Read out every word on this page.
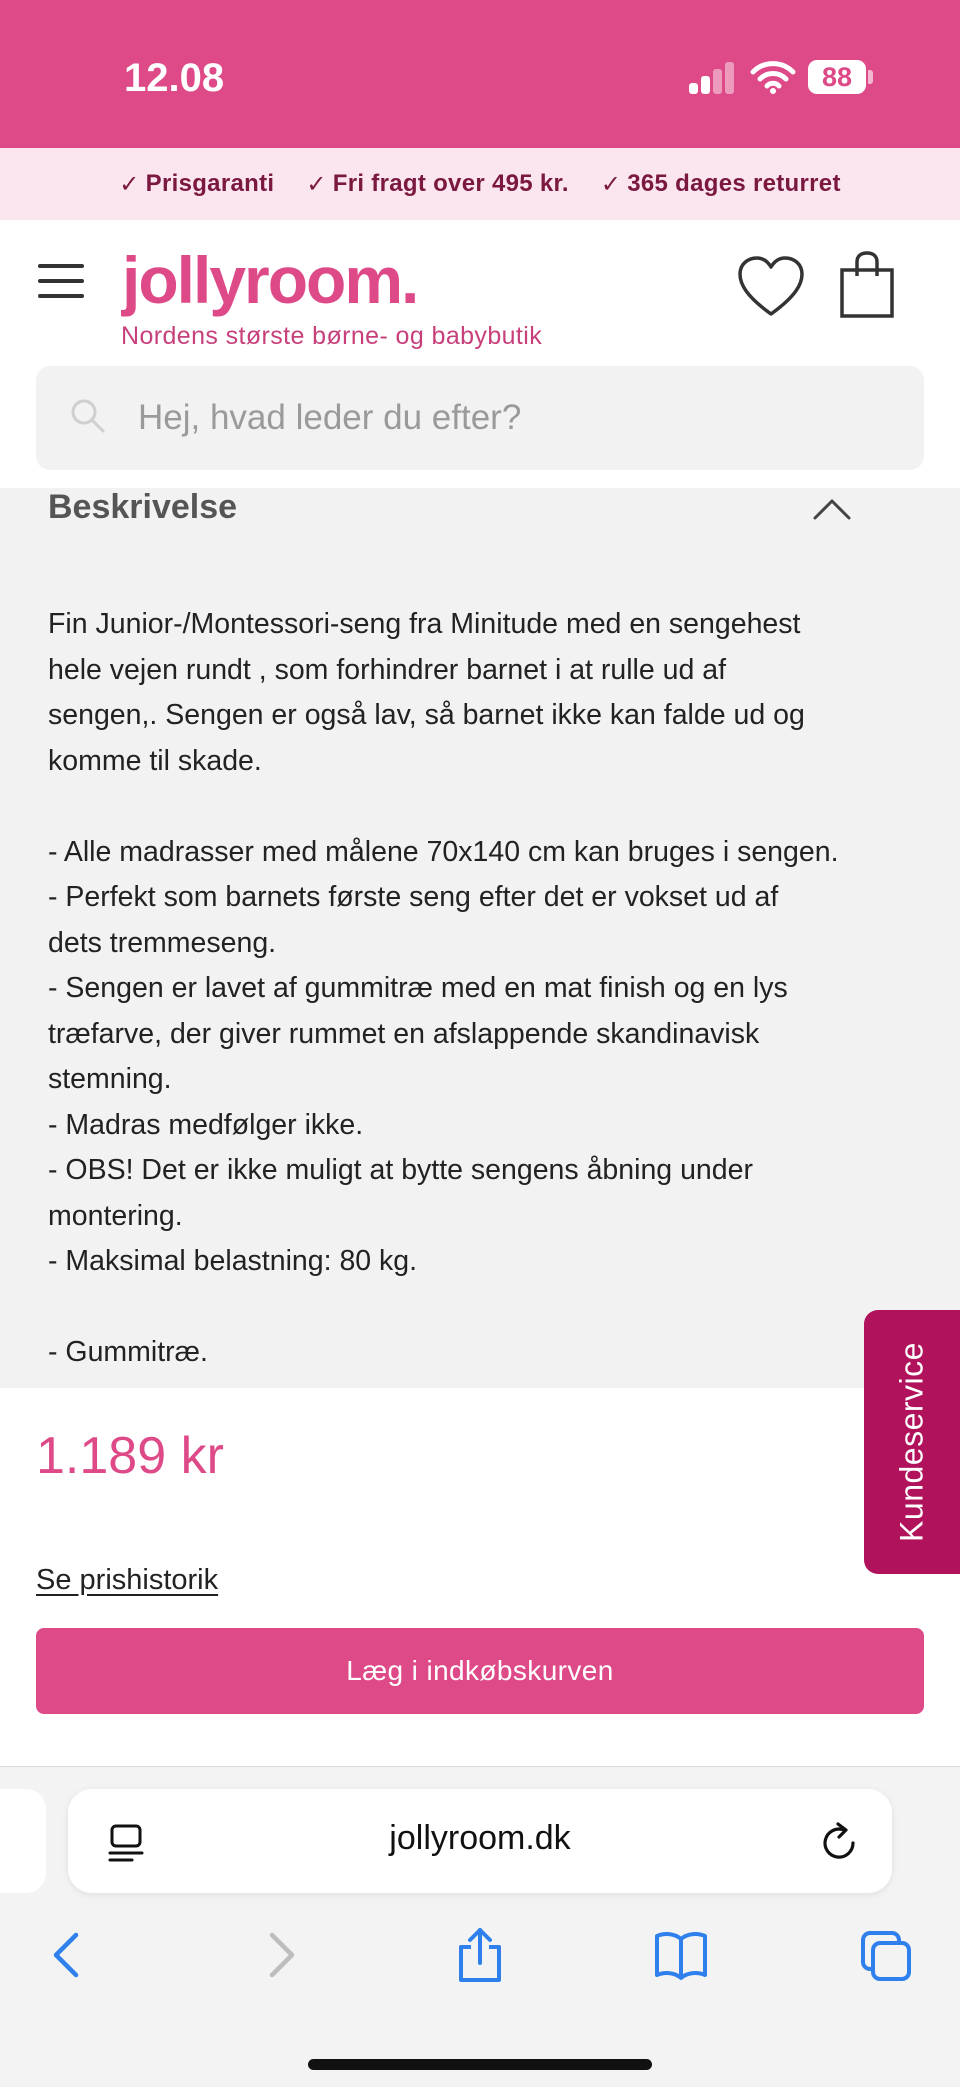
12.08	88
✓ Prisgaranti ✓ Fri fragt over 495 kr. ✓ 365 dages returret
jollyroom.
Nordens største børne- og babybutik
Hej, hvad leder du efter?
Beskrivelse
Fin Junior-/Montessori-seng fra Minitude med en sengehest
hele vejen rundt , som forhindrer barnet i at rulle ud af
sengen,. Sengen er også lav, så barnet ikke kan falde ud og
komme til skade.
- Alle madrasser med målene 70x140 cm kan bruges i sengen.
- Perfekt som barnets første seng efter det er vokset ud af
dets tremmeseng.
- Sengen er lavet af gummitræ med en mat finish og en lys
træfarve, der giver rummet en afslappende skandinavisk
stemning.
- Madras medfølger ikke.
- OBS! Det er ikke muligt at bytte sengens åbning under
montering.
- Maksimal belastning: 80 kg.
- Gummitræ.
1.189 kr
Se prishistorik
Læg i indkøbskurven
Kundeservice
jollyroom.dk
